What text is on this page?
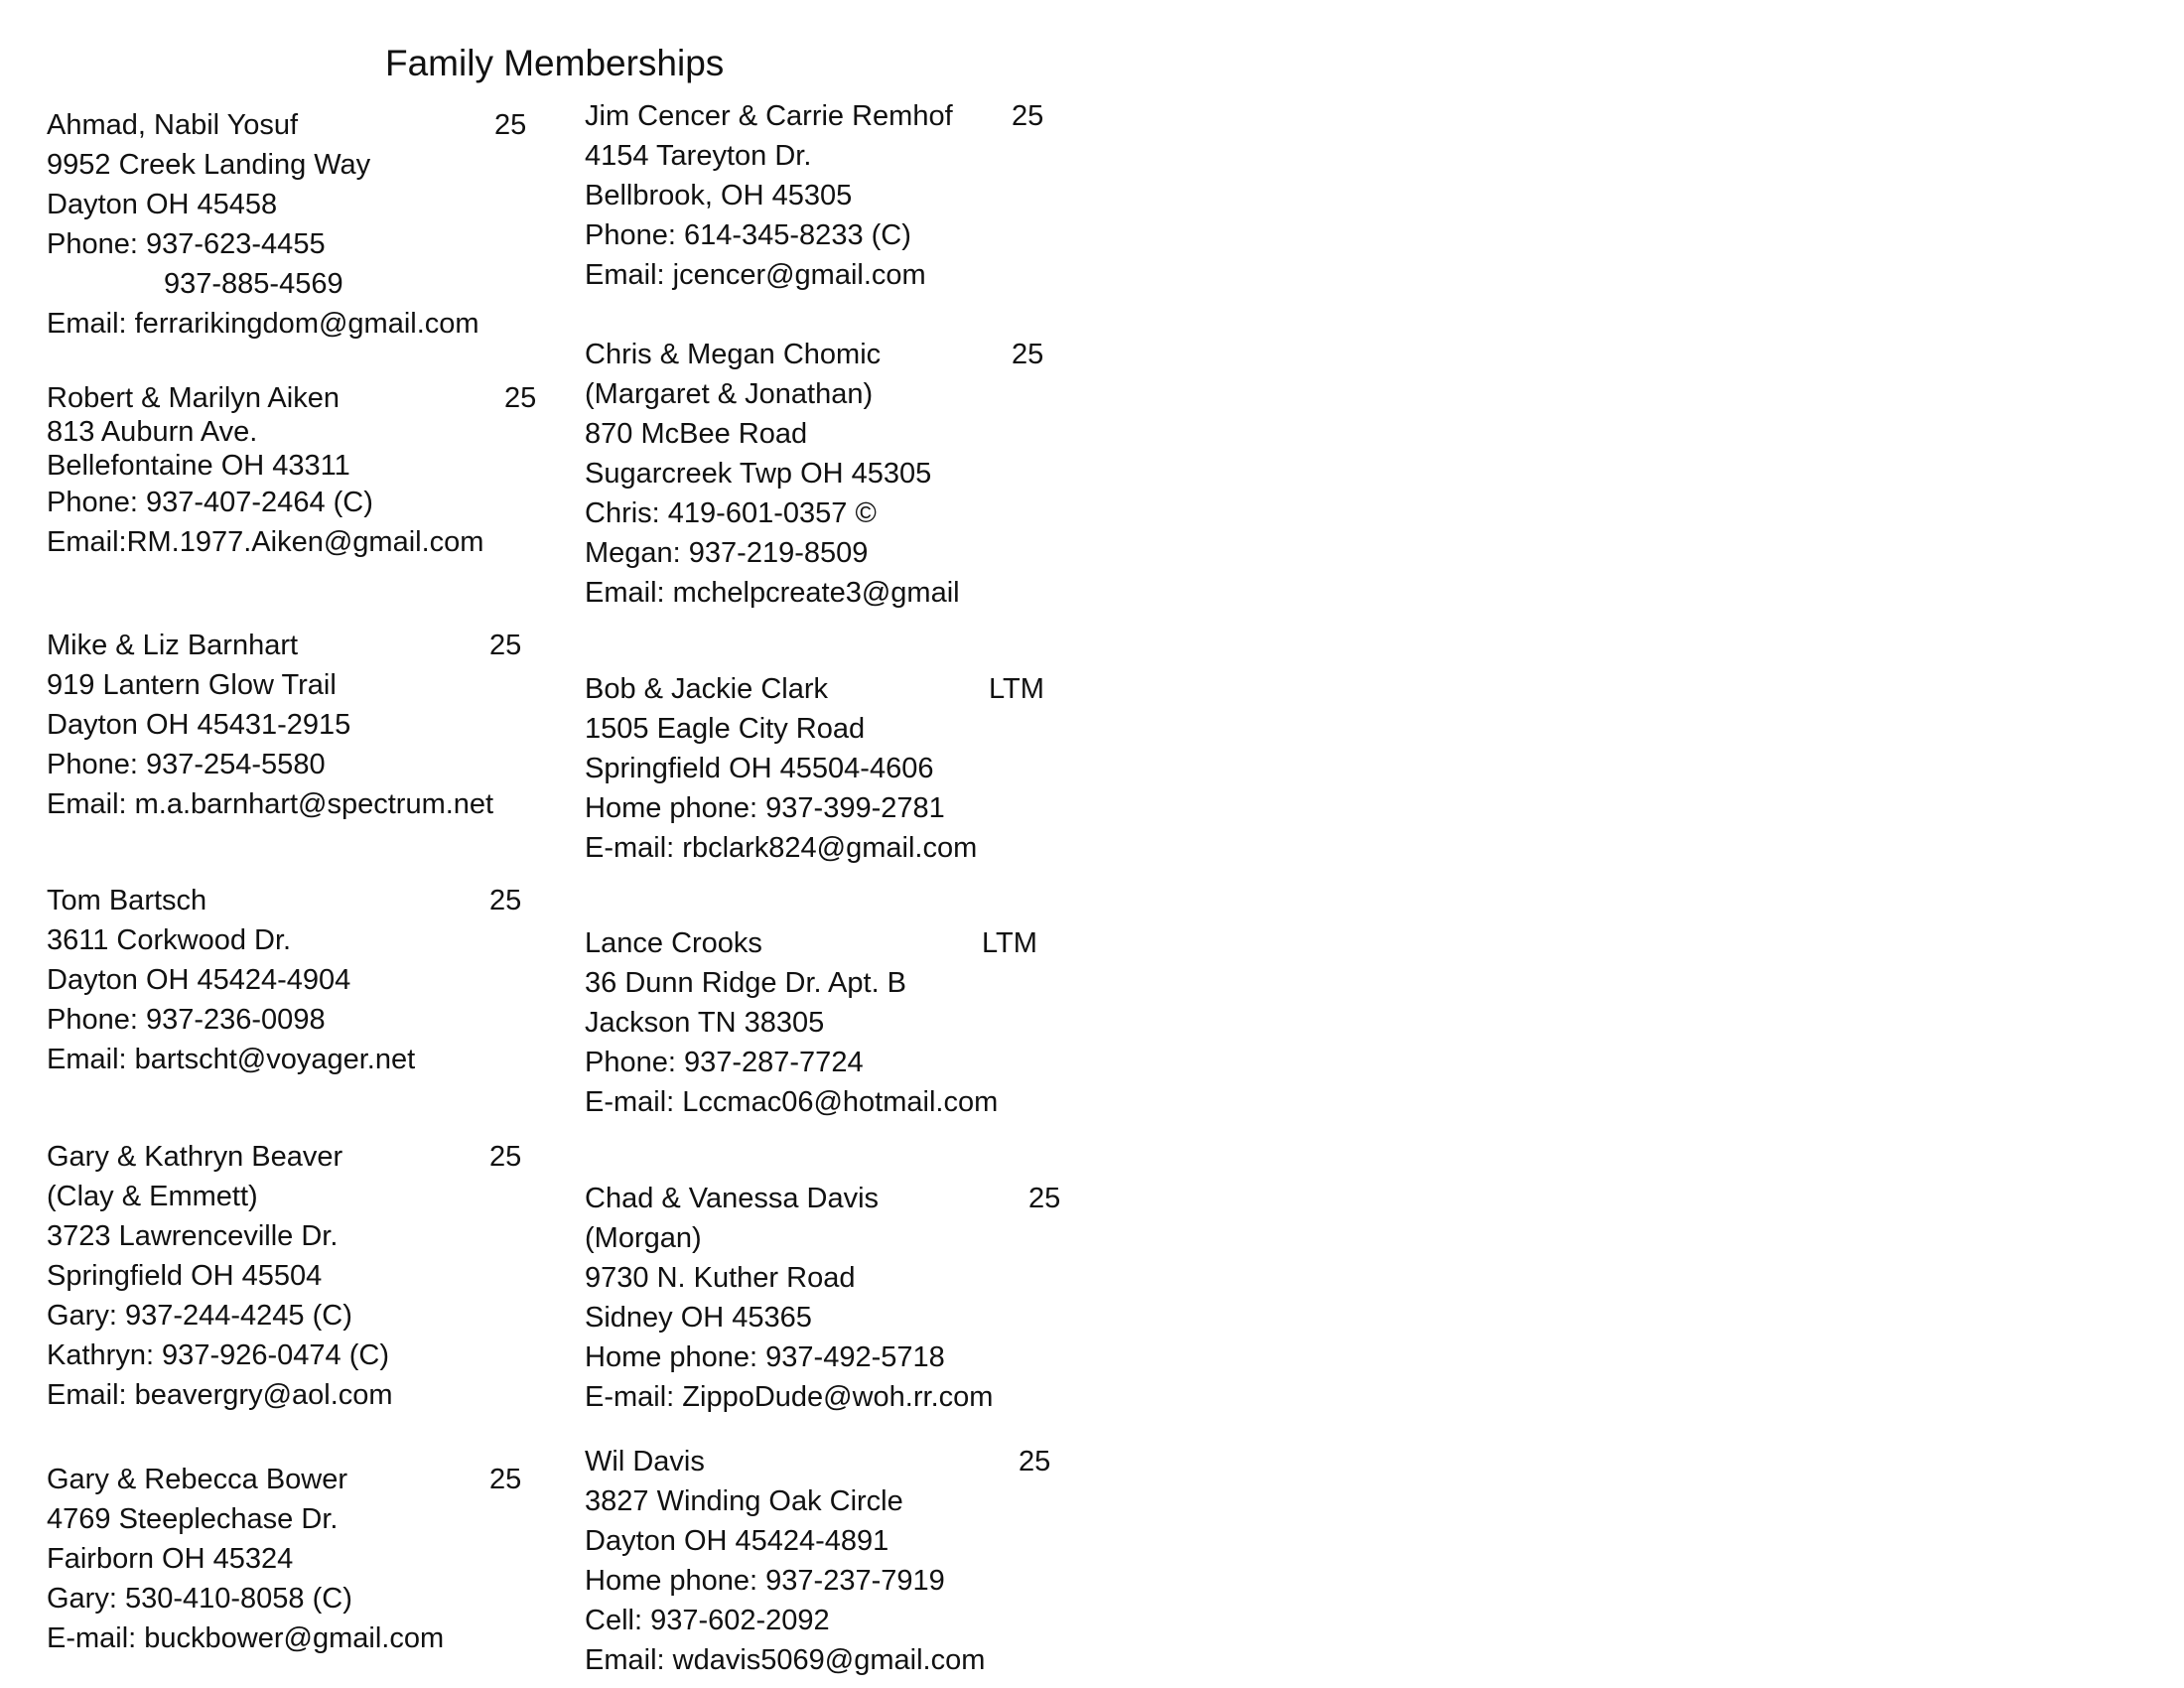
Family Memberships
Ahmad, Nabil Yosuf	25
9952 Creek Landing Way
Dayton OH 45458
Phone: 937-623-4455
937-885-4569
Email: ferrarikingdom@gmail.com
Robert & Marilyn Aiken	25
813 Auburn Ave.
Bellefontaine OH 43311
Phone: 937-407-2464 (C)
Email:RM.1977.Aiken@gmail.com
Mike & Liz Barnhart	25
919 Lantern Glow Trail
Dayton OH 45431-2915
Phone: 937-254-5580
Email: m.a.barnhart@spectrum.net
Tom Bartsch	25
3611 Corkwood Dr.
Dayton OH 45424-4904
Phone: 937-236-0098
Email: bartscht@voyager.net
Gary & Kathryn Beaver	25
(Clay & Emmett)
3723 Lawrenceville Dr.
Springfield OH 45504
Gary: 937-244-4245 (C)
Kathryn: 937-926-0474 (C)
Email: beavergry@aol.com
Gary & Rebecca Bower	25
4769 Steeplechase Dr.
Fairborn OH 45324
Gary: 530-410-8058 (C)
E-mail: buckbower@gmail.com
Jim Cencer & Carrie Remhof 25
4154 Tareyton Dr.
Bellbrook, OH 45305
Phone: 614-345-8233 (C)
Email: jcencer@gmail.com
Chris & Megan Chomic	25
(Margaret & Jonathan)
870 McBee Road
Sugarcreek Twp OH 45305
Chris: 419-601-0357 ©
Megan: 937-219-8509
Email: mchelpcreate3@gmail
Bob & Jackie Clark	LTM
1505 Eagle City Road
Springfield OH 45504-4606
Home phone: 937-399-2781
E-mail: rbclark824@gmail.com
Lance Crooks	LTM
36 Dunn Ridge Dr. Apt. B
Jackson TN 38305
Phone: 937-287-7724
E-mail: Lccmac06@hotmail.com
Chad & Vanessa Davis	25
(Morgan)
9730 N. Kuther Road
Sidney OH 45365
Home phone: 937-492-5718
E-mail: ZippoDude@woh.rr.com
Wil Davis	25
3827 Winding Oak Circle
Dayton OH 45424-4891
Home phone: 937-237-7919
Cell: 937-602-2092
Email: wdavis5069@gmail.com
